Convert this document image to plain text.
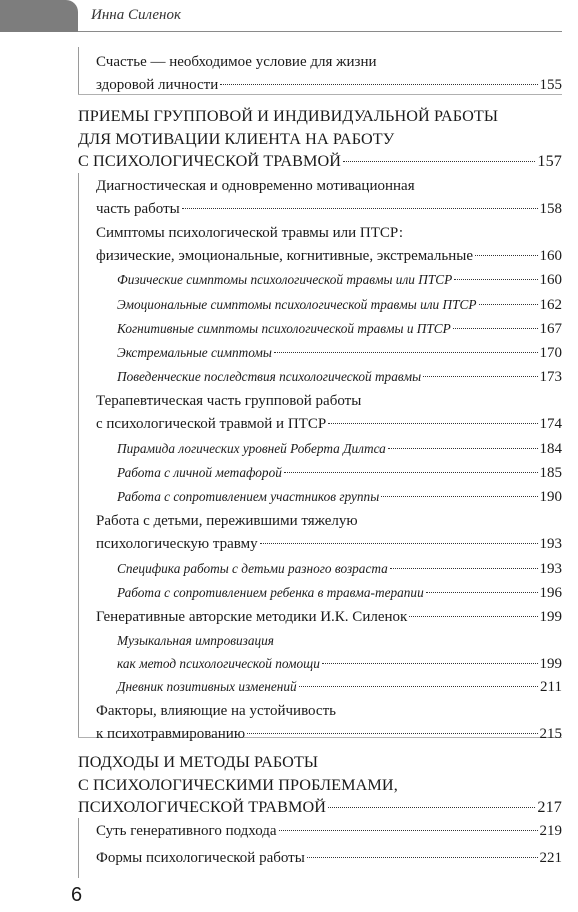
Инна Силенок
Счастье — необходимое условие для жизни
здоровой личности	155
ПРИЕМЫ ГРУППОВОЙ И ИНДИВИДУАЛЬНОЙ РАБОТЫ
ДЛЯ МОТИВАЦИИ КЛИЕНТА НА РАБОТУ
С ПСИХОЛОГИЧЕСКОЙ ТРАВМОЙ	157
Диагностическая и одновременно мотивационная
часть работы	158
Симптомы психологической травмы или ПТСР:
физические, эмоциональные, когнитивные, экстремальные	160
Физические симптомы психологической травмы или ПТСР	160
Эмоциональные симптомы психологической травмы или ПТСР	162
Когнитивные симптомы психологической травмы и ПТСР	167
Экстремальные симптомы	170
Поведенческие последствия психологической травмы	173
Терапевтическая часть групповой работы
с психологической травмой и ПТСР	174
Пирамида логических уровней Роберта Дилтса	184
Работа с личной метафорой	185
Работа с сопротивлением участников группы	190
Работа с детьми, пережившими тяжелую
психологическую травму	193
Специфика работы с детьми разного возраста	193
Работа с сопротивлением ребенка в травма-терапии	196
Генеративные авторские методики И.К. Силенок	199
Музыкальная импровизация
как метод психологической помощи	199
Дневник позитивных изменений	211
Факторы, влияющие на устойчивость
к психотравмированию	215
ПОДХОДЫ И МЕТОДЫ РАБОТЫ
С ПСИХОЛОГИЧЕСКИМИ ПРОБЛЕМАМИ,
ПСИХОЛОГИЧЕСКОЙ ТРАВМОЙ	217
Суть генеративного подхода	219
Формы психологической работы	221
6
